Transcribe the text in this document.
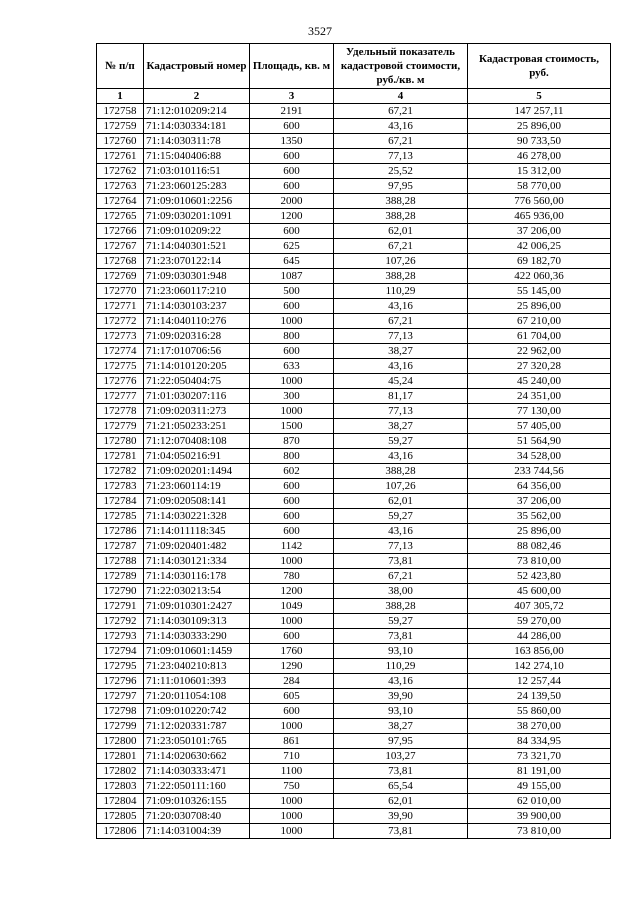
3527
№ п/п	Кадастровый номер	Площадь, кв. м	Удельный показатель кадастровой стоимости, руб./кв. м	Кадастровая стоимость, руб.
1	2	3	4	5
172758	71:12:010209:214	2191	67,21	147 257,11
172759	71:14:030334:181	600	43,16	25 896,00
172760	71:14:030311:78	1350	67,21	90 733,50
172761	71:15:040406:88	600	77,13	46 278,00
172762	71:03:010116:51	600	25,52	15 312,00
172763	71:23:060125:283	600	97,95	58 770,00
172764	71:09:010601:2256	2000	388,28	776 560,00
172765	71:09:030201:1091	1200	388,28	465 936,00
172766	71:09:010209:22	600	62,01	37 206,00
172767	71:14:040301:521	625	67,21	42 006,25
172768	71:23:070122:14	645	107,26	69 182,70
172769	71:09:030301:948	1087	388,28	422 060,36
172770	71:23:060117:210	500	110,29	55 145,00
172771	71:14:030103:237	600	43,16	25 896,00
172772	71:14:040110:276	1000	67,21	67 210,00
172773	71:09:020316:28	800	77,13	61 704,00
172774	71:17:010706:56	600	38,27	22 962,00
172775	71:14:010120:205	633	43,16	27 320,28
172776	71:22:050404:75	1000	45,24	45 240,00
172777	71:01:030207:116	300	81,17	24 351,00
172778	71:09:020311:273	1000	77,13	77 130,00
172779	71:21:050233:251	1500	38,27	57 405,00
172780	71:12:070408:108	870	59,27	51 564,90
172781	71:04:050216:91	800	43,16	34 528,00
172782	71:09:020201:1494	602	388,28	233 744,56
172783	71:23:060114:19	600	107,26	64 356,00
172784	71:09:020508:141	600	62,01	37 206,00
172785	71:14:030221:328	600	59,27	35 562,00
172786	71:14:011118:345	600	43,16	25 896,00
172787	71:09:020401:482	1142	77,13	88 082,46
172788	71:14:030121:334	1000	73,81	73 810,00
172789	71:14:030116:178	780	67,21	52 423,80
172790	71:22:030213:54	1200	38,00	45 600,00
172791	71:09:010301:2427	1049	388,28	407 305,72
172792	71:14:030109:313	1000	59,27	59 270,00
172793	71:14:030333:290	600	73,81	44 286,00
172794	71:09:010601:1459	1760	93,10	163 856,00
172795	71:23:040210:813	1290	110,29	142 274,10
172796	71:11:010601:393	284	43,16	12 257,44
172797	71:20:011054:108	605	39,90	24 139,50
172798	71:09:010220:742	600	93,10	55 860,00
172799	71:12:020331:787	1000	38,27	38 270,00
172800	71:23:050101:765	861	97,95	84 334,95
172801	71:14:020630:662	710	103,27	73 321,70
172802	71:14:030333:471	1100	73,81	81 191,00
172803	71:22:050111:160	750	65,54	49 155,00
172804	71:09:010326:155	1000	62,01	62 010,00
172805	71:20:030708:40	1000	39,90	39 900,00
172806	71:14:031004:39	1000	73,81	73 810,00
